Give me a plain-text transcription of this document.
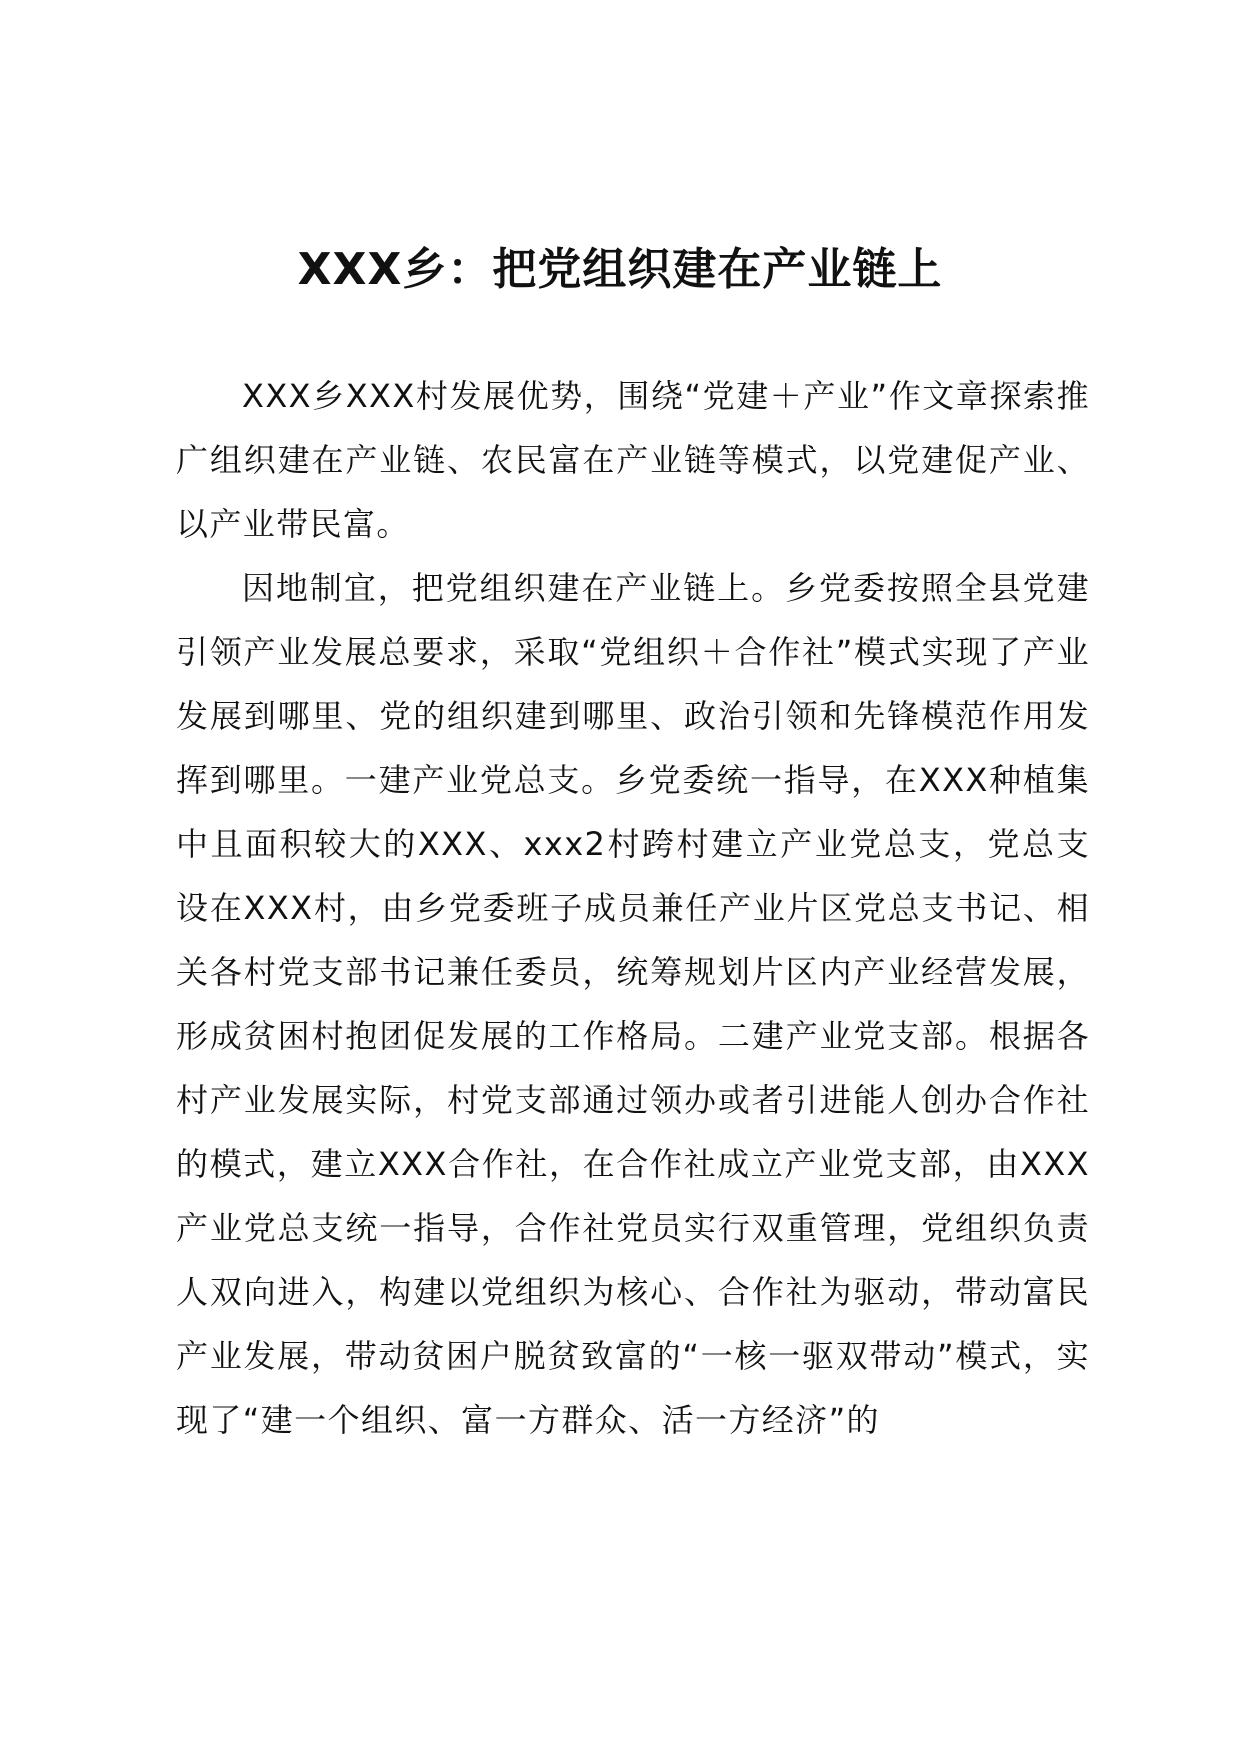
XXX乡：把党组织建在产业链上

XXX乡XXX村发展优势，围绕“党建＋产业”作文章探索推广组织建在产业链、农民富在产业链等模式，以党建促产业、以产业带民富。

因地制宜，把党组织建在产业链上。乡党委按照全县党建引领产业发展总要求，采取“党组织＋合作社”模式实现了产业发展到哪里、党的组织建到哪里、政治引领和先锋模范作用发挥到哪里。一建产业党总支。乡党委统一指导，在XXX种植集中且面积较大的XXX、xxx2村跨村建立产业党总支，党总支设在XXX村，由乡党委班子成员兼任产业片区党总支书记、相关各村党支部书记兼任委员，统筹规划片区内产业经营发展，形成贫困村抱团促发展的工作格局。二建产业党支部。根据各村产业发展实际，村党支部通过领办或者引进能人创办合作社的模式，建立XXX合作社，在合作社成立产业党支部，由XXX产业党总支统一指导，合作社党员实行双重管理，党组织负责人双向进入，构建以党组织为核心、合作社为驱动，带动富民产业发展，带动贫困户脱贫致富的“一核一驱双带动”模式，实现了“建一个组织、富一方群众、活一方经济”的
